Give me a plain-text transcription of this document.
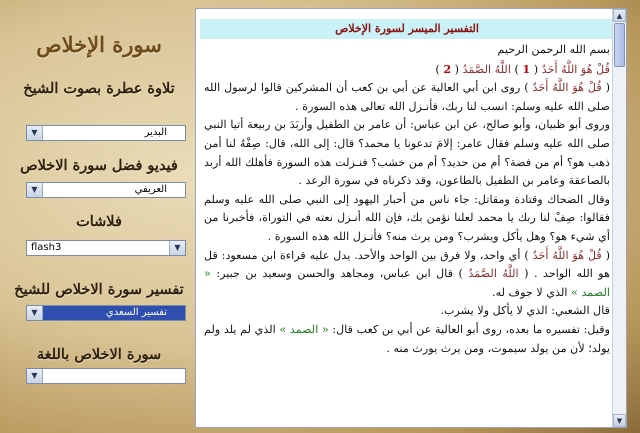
سورة الإخلاص
تلاوة عطرة بصوت الشيخ
البدير
▼
فيديو فضل سورة الاخلاص
العريفي
▼
فلاشات
flash3	▼
تفسير سورة الاخلاص للشيخ
تفسير السعدي
▼
سورة الاخلاص باللغة
▼
التفسير الميسر لسورة الإخلاص

بسم الله الرحمن الرحيم

قُلْ هُوَ اللَّهُ أَحَدٌ ( 1 ) اللَّهُ الصَّمَدُ ( 2 )

( قُلْ هُوَ اللَّهُ أَحَدٌ ) روى ابن أبي العالية عن أبي بن كعب أن المشركين قالوا لرسول الله صلى الله عليه وسلم: انسب لنا ربك، فأنـزل الله تعالى هذه السورة .

وروى أبو ظبيان، وأبو صالح، عن ابن عباس: أن عامر بن الطفيل وأربَدَ بن ربيعة أتيا النبي صلى الله عليه وسلم فقال عامر: إلامَ تدعونا يا محمد؟ قال: إلى الله، قال: صِفْهُ لنا أمن ذهب هو؟ أم من فضة؟ أم من حديد؟ أم من خشب؟ فنـزلت هذه السورة فأهلك الله أربد بالصاعقة وعامر بن الطفيل بالطاعون، وقد ذكرناه في سورة الرعد .

وقال الضحاك وقتادة ومقاتل: جاء ناس من أحبار اليهود إلى النبي صلى الله عليه وسلم فقالوا: صِفْ لنا ربك يا محمد لعلنا نؤمن بك، فإن الله أنـزل نعته في التوراة، فأخبرنا من أي شيء هو؟ وهل يأكل ويشرب؟ ومن يرث منه؟ فأنـزل الله هذه السورة .

( قُلْ هُوَ اللَّهُ أَحَدٌ ) أي واحد، ولا فرق بين الواحد والأحد. يدل عليه قراءة ابن مسعود: قل هو الله الواحد . ( اللَّهُ الصَّمَدُ ) قال ابن عباس، ومجاهد والحسن وسعيد بن جبير: « الصمد » الذي لا جوف له.

قال الشعبي: الذي لا يأكل ولا يشرب.

وقيل: تفسيره ما بعده، روى أبو العالية عن أبي بن كعب قال: « الصمد » الذي لم يلد ولم يولد؛ لأن من يولد سيموت، ومن يرث يورث منه .

▲
▼
